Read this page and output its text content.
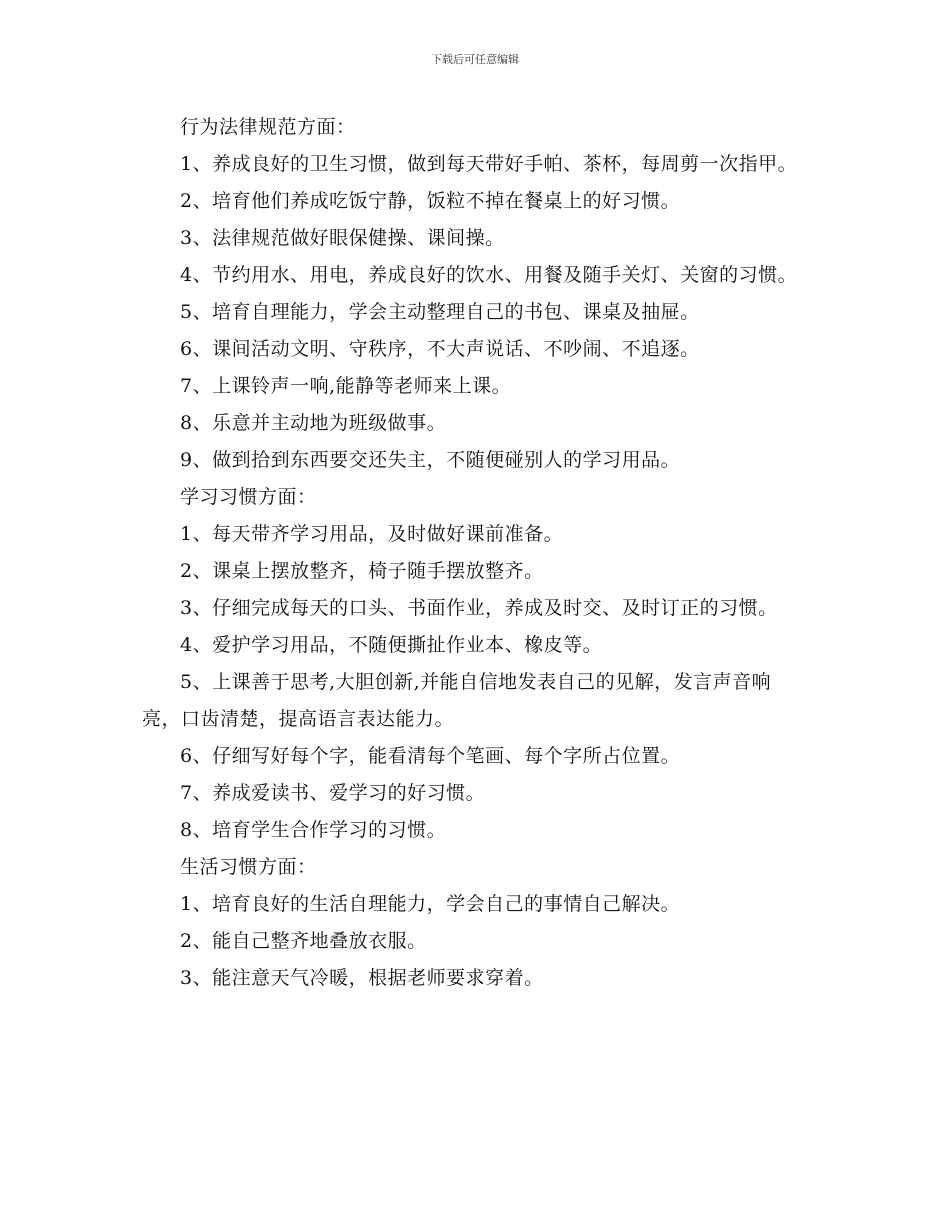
下载后可任意编辑

行为法律规范方面：

1、养成良好的卫生习惯，做到每天带好手帕、茶杯，每周剪一次指甲。

2、培育他们养成吃饭宁静，饭粒不掉在餐桌上的好习惯。

3、法律规范做好眼保健操、课间操。

4、节约用水、用电，养成良好的饮水、用餐及随手关灯、关窗的习惯。

5、培育自理能力，学会主动整理自己的书包、课桌及抽屉。

6、课间活动文明、守秩序，不大声说话、不吵闹、不追逐。

7、上课铃声一响,能静等老师来上课。

8、乐意并主动地为班级做事。

9、做到拾到东西要交还失主，不随便碰别人的学习用品。

学习习惯方面：

1、每天带齐学习用品，及时做好课前准备。

2、课桌上摆放整齐，椅子随手摆放整齐。

3、仔细完成每天的口头、书面作业，养成及时交、及时订正的习惯。

4、爱护学习用品，不随便撕扯作业本、橡皮等。

5、上课善于思考,大胆创新,并能自信地发表自己的见解，发言声音响亮，口齿清楚，提高语言表达能力。

6、仔细写好每个字，能看清每个笔画、每个字所占位置。

7、养成爱读书、爱学习的好习惯。

8、培育学生合作学习的习惯。

生活习惯方面：

1、培育良好的生活自理能力，学会自己的事情自己解决。

2、能自己整齐地叠放衣服。

3、能注意天气冷暖，根据老师要求穿着。
